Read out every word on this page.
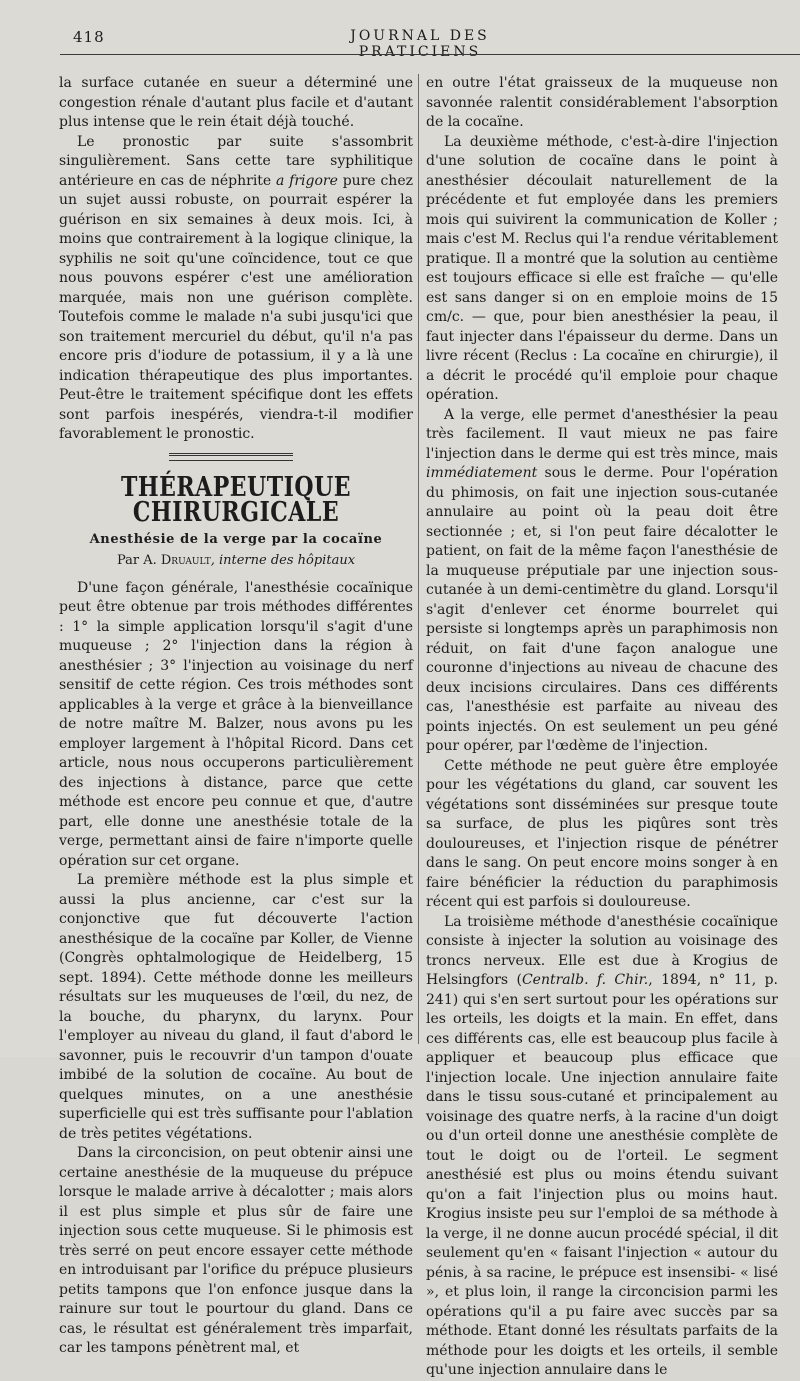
418	JOURNAL DES PRATICIENS

la surface cutanée en sueur a déterminé une congestion rénale d'autant plus facile et d'autant plus intense que le rein était déjà touché.

Le pronostic par suite s'assombrit singulièrement. Sans cette tare syphilitique antérieure en cas de néphrite a frigore pure chez un sujet aussi robuste, on pourrait espérer la guérison en six semaines à deux mois. Ici, à moins que contrairement à la logique clinique, la syphilis ne soit qu'une coïncidence, tout ce que nous pouvons espérer c'est une amélioration marquée, mais non une guérison complète. Toutefois comme le malade n'a subi jusqu'ici que son traitement mercuriel du début, qu'il n'a pas encore pris d'iodure de potassium, il y a là une indication thérapeutique des plus importantes. Peut-être le traitement spécifique dont les effets sont parfois inespérés, viendra-t-il modifier favorablement le pronostic.

THÉRAPEUTIQUE CHIRURGICALE
Anesthésie de la verge par la cocaïne
Par A. Druault, interne des hôpitaux

D'une façon générale, l'anesthésie cocaïnique peut être obtenue par trois méthodes différentes : 1° la simple application lorsqu'il s'agit d'une muqueuse ; 2° l'injection dans la région à anesthésier ; 3° l'injection au voisinage du nerf sensitif de cette région. Ces trois méthodes sont applicables à la verge et grâce à la bienveillance de notre maître M. Balzer, nous avons pu les employer largement à l'hôpital Ricord. Dans cet article, nous nous occuperons particulièrement des injections à distance, parce que cette méthode est encore peu connue et que, d'autre part, elle donne une anesthésie totale de la verge, permettant ainsi de faire n'importe quelle opération sur cet organe.

La première méthode est la plus simple et aussi la plus ancienne, car c'est sur la conjonctive que fut découverte l'action anesthésique de la cocaïne par Koller, de Vienne (Congrès ophtalmologique de Heidelberg, 15 sept. 1894). Cette méthode donne les meilleurs résultats sur les muqueuses de l'œil, du nez, de la bouche, du pharynx, du larynx. Pour l'employer au niveau du gland, il faut d'abord le savonner, puis le recouvrir d'un tampon d'ouate imbibé de la solution de cocaïne. Au bout de quelques minutes, on a une anesthésie superficielle qui est très suffisante pour l'ablation de très petites végétations.

Dans la circoncision, on peut obtenir ainsi une certaine anesthésie de la muqueuse du prépuce lorsque le malade arrive à décalotter ; mais alors il est plus simple et plus sûr de faire une injection sous cette muqueuse. Si le phimosis est très serré on peut encore essayer cette méthode en introduisant par l'orifice du prépuce plusieurs petits tampons que l'on enfonce jusque dans la rainure sur tout le pourtour du gland. Dans ce cas, le résultat est généralement très imparfait, car les tampons pénètrent mal, et

en outre l'état graisseux de la muqueuse non savonnée ralentit considérablement l'absorption de la cocaïne.

La deuxième méthode, c'est-à-dire l'injection d'une solution de cocaïne dans le point à anesthésier découlait naturellement de la précédente et fut employée dans les premiers mois qui suivirent la communication de Koller ; mais c'est M. Reclus qui l'a rendue véritablement pratique. Il a montré que la solution au centième est toujours efficace si elle est fraîche — qu'elle est sans danger si on en emploie moins de 15 cm/c. — que, pour bien anesthésier la peau, il faut injecter dans l'épaisseur du derme. Dans un livre récent (Reclus : La cocaïne en chirurgie), il a décrit le procédé qu'il emploie pour chaque opération.

A la verge, elle permet d'anesthésier la peau très facilement. Il vaut mieux ne pas faire l'injection dans le derme qui est très mince, mais immédiatement sous le derme. Pour l'opération du phimosis, on fait une injection sous-cutanée annulaire au point où la peau doit être sectionnée ; et, si l'on peut faire décalotter le patient, on fait de la même façon l'anesthésie de la muqueuse préputiale par une injection sous-cutanée à un demi-centimètre du gland. Lorsqu'il s'agit d'enlever cet énorme bourrelet qui persiste si longtemps après un paraphimosis non réduit, on fait d'une façon analogue une couronne d'injections au niveau de chacune des deux incisions circulaires. Dans ces différents cas, l'anesthésie est parfaite au niveau des points injectés. On est seulement un peu géné pour opérer, par l'œdème de l'injection.

Cette méthode ne peut guère être employée pour les végétations du gland, car souvent les végétations sont disséminées sur presque toute sa surface, de plus les piqûres sont très douloureuses, et l'injection risque de pénétrer dans le sang. On peut encore moins songer à en faire bénéficier la réduction du paraphimosis récent qui est parfois si douloureuse.

La troisième méthode d'anesthésie cocaïnique consiste à injecter la solution au voisinage des troncs nerveux. Elle est due à Krogius de Helsingfors (Centralb. f. Chir., 1894, n° 11, p. 241) qui s'en sert surtout pour les opérations sur les orteils, les doigts et la main. En effet, dans ces différents cas, elle est beaucoup plus facile à appliquer et beaucoup plus efficace que l'injection locale. Une injection annulaire faite dans le tissu sous-cutané et principalement au voisinage des quatre nerfs, à la racine d'un doigt ou d'un orteil donne une anesthésie complète de tout le doigt ou de l'orteil. Le segment anesthésié est plus ou moins étendu suivant qu'on a fait l'injection plus ou moins haut. Krogius insiste peu sur l'emploi de sa méthode à la verge, il ne donne aucun procédé spécial, il dit seulement qu'en « faisant l'injection « autour du pénis, à sa racine, le prépuce est insensibi- « lisé », et plus loin, il range la circoncision parmi les opérations qu'il a pu faire avec succès par sa méthode. Etant donné les résultats parfaits de la méthode pour les doigts et les orteils, il semble qu'une injection annulaire dans le
